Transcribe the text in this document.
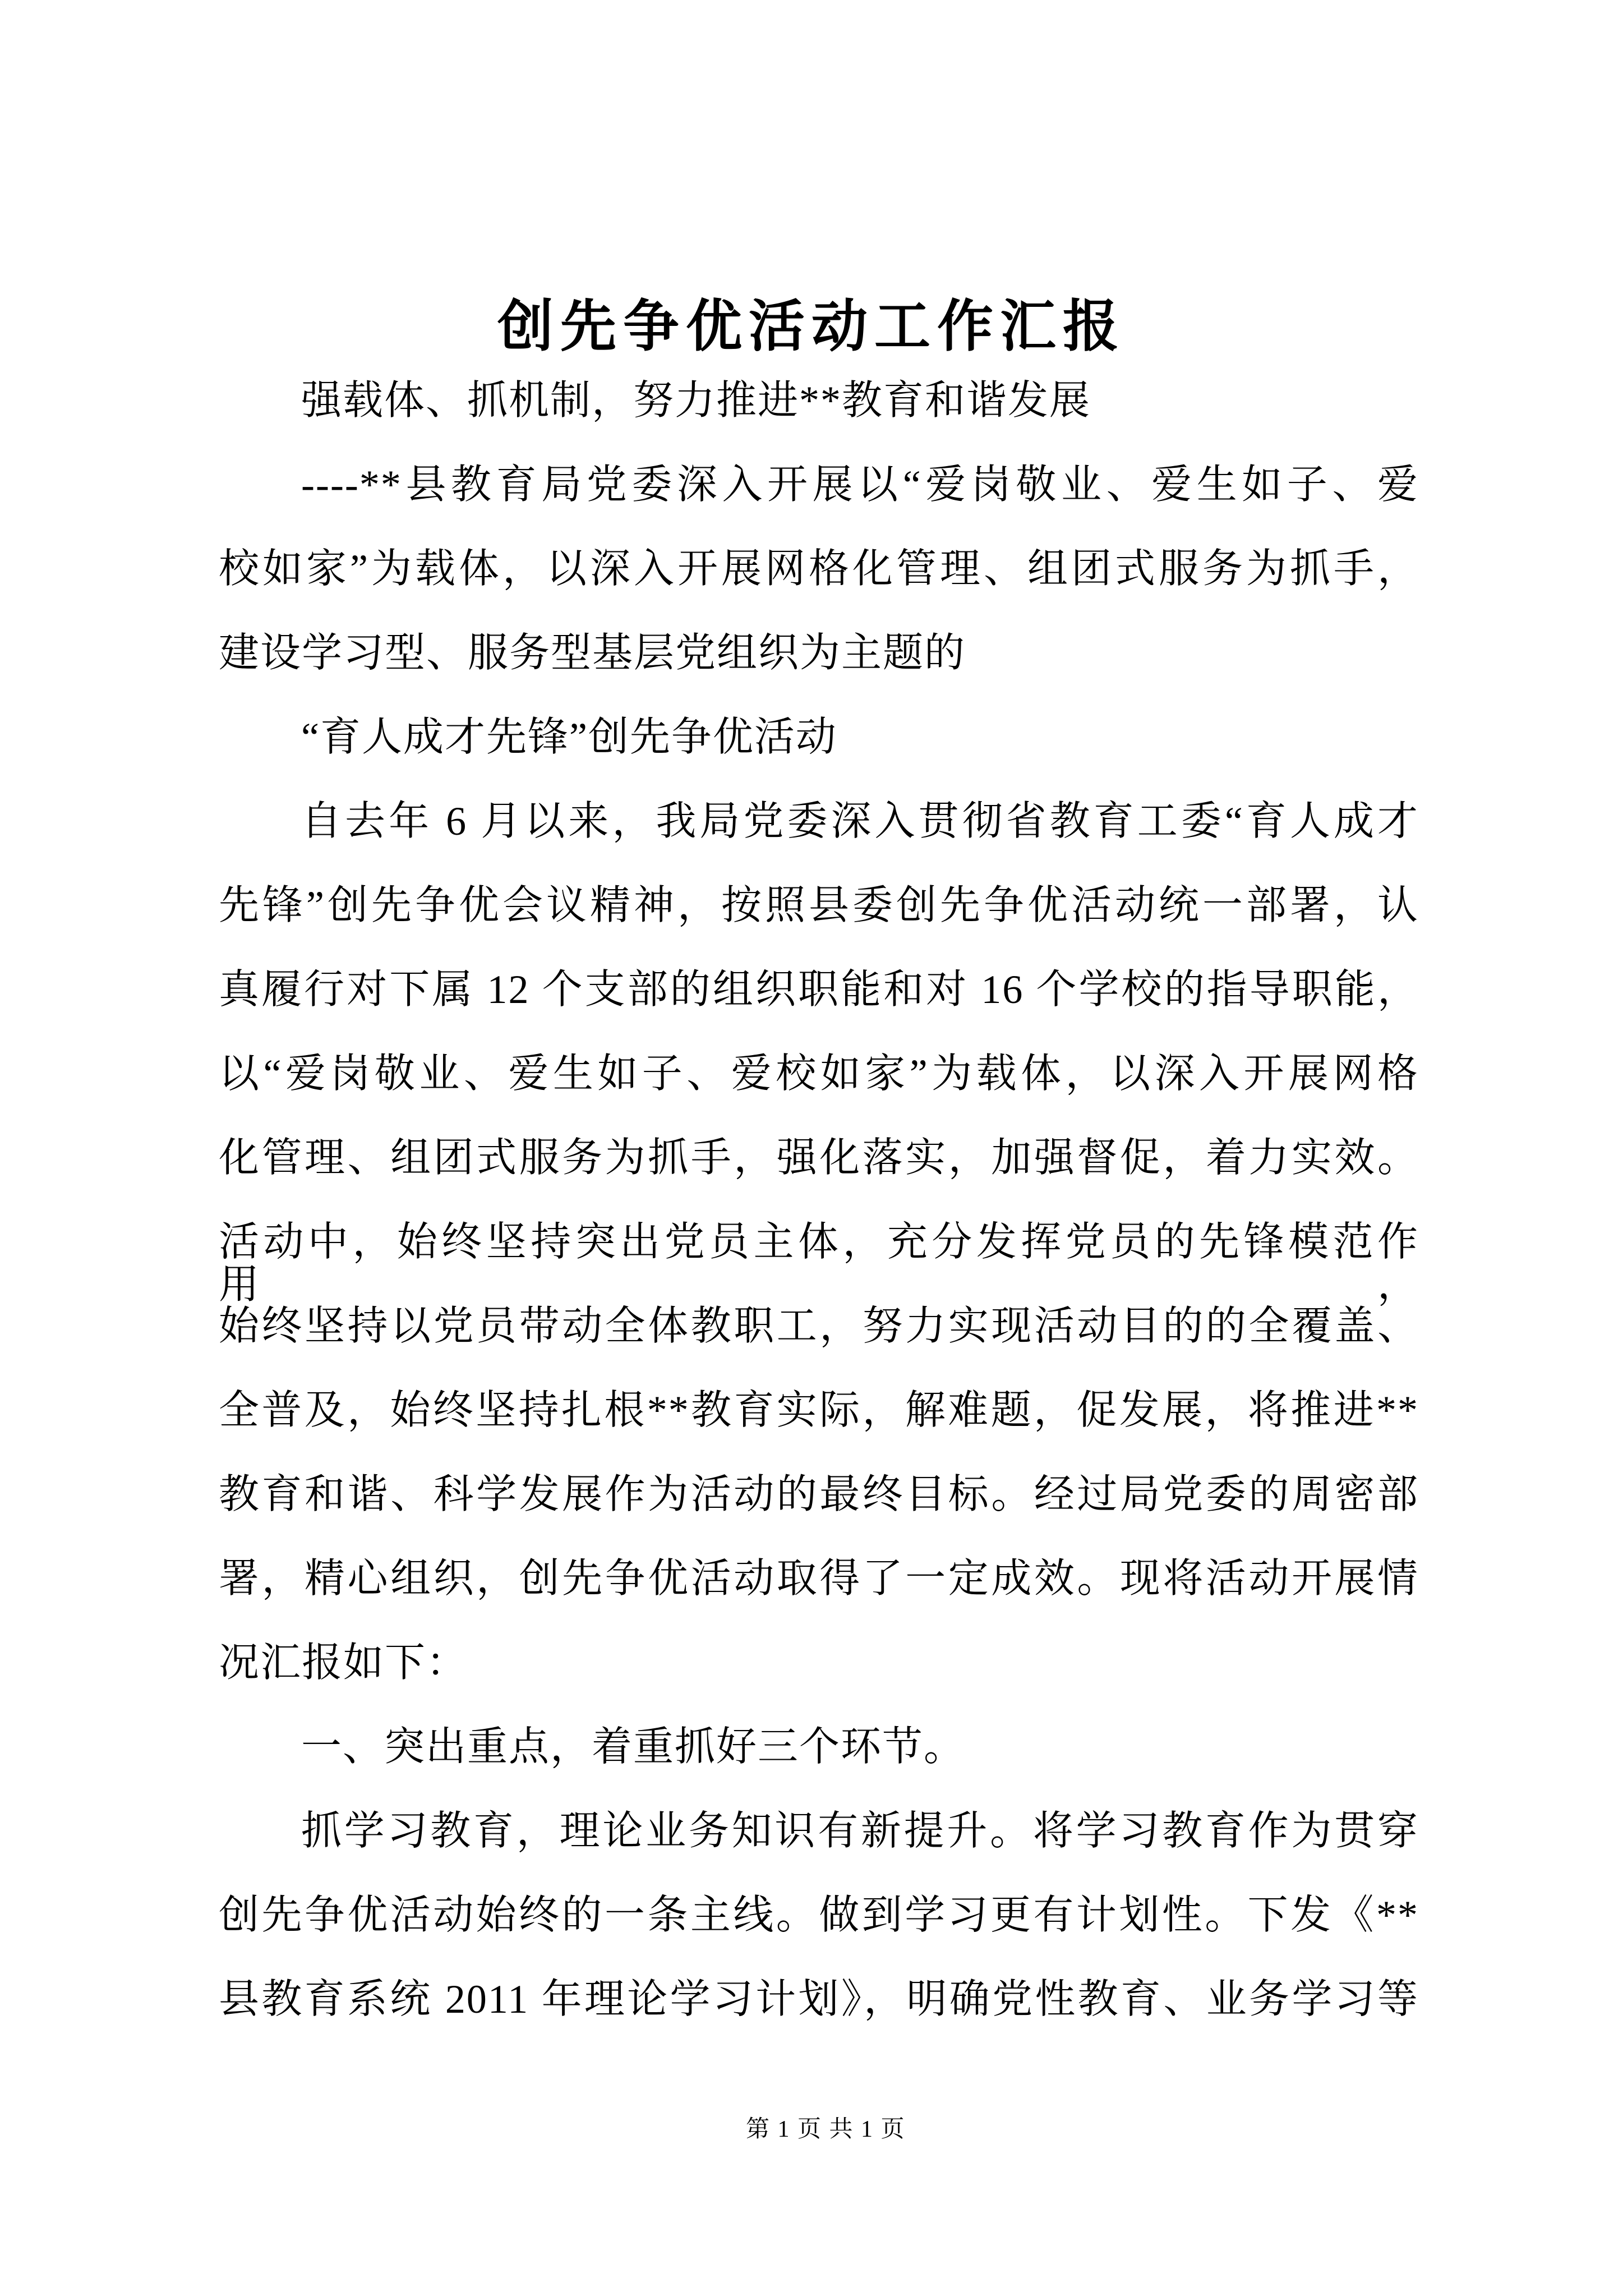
创先争优活动工作汇报
强载体、抓机制，努力推进**教育和谐发展
----**县教育局党委深入开展以“爱岗敬业、爱生如子、爱
校如家”为载体，以深入开展网格化管理、组团式服务为抓手，
建设学习型、服务型基层党组织为主题的
“育人成才先锋”创先争优活动
自去年 6 月以来，我局党委深入贯彻省教育工委“育人成才
先锋”创先争优会议精神，按照县委创先争优活动统一部署，认
真履行对下属 12 个支部的组织职能和对 16 个学校的指导职能，
以“爱岗敬业、爱生如子、爱校如家”为载体，以深入开展网格
化管理、组团式服务为抓手，强化落实，加强督促，着力实效。
活动中，始终坚持突出党员主体，充分发挥党员的先锋模范作用，
始终坚持以党员带动全体教职工，努力实现活动目的的全覆盖、
全普及，始终坚持扎根**教育实际，解难题，促发展，将推进**
教育和谐、科学发展作为活动的最终目标。经过局党委的周密部
署，精心组织，创先争优活动取得了一定成效。现将活动开展情
况汇报如下：
一、突出重点，着重抓好三个环节。
抓学习教育，理论业务知识有新提升。将学习教育作为贯穿
创先争优活动始终的一条主线。做到学习更有计划性。下发《**
县教育系统 2011 年理论学习计划》，明确党性教育、业务学习等
第 1 页 共 1 页
